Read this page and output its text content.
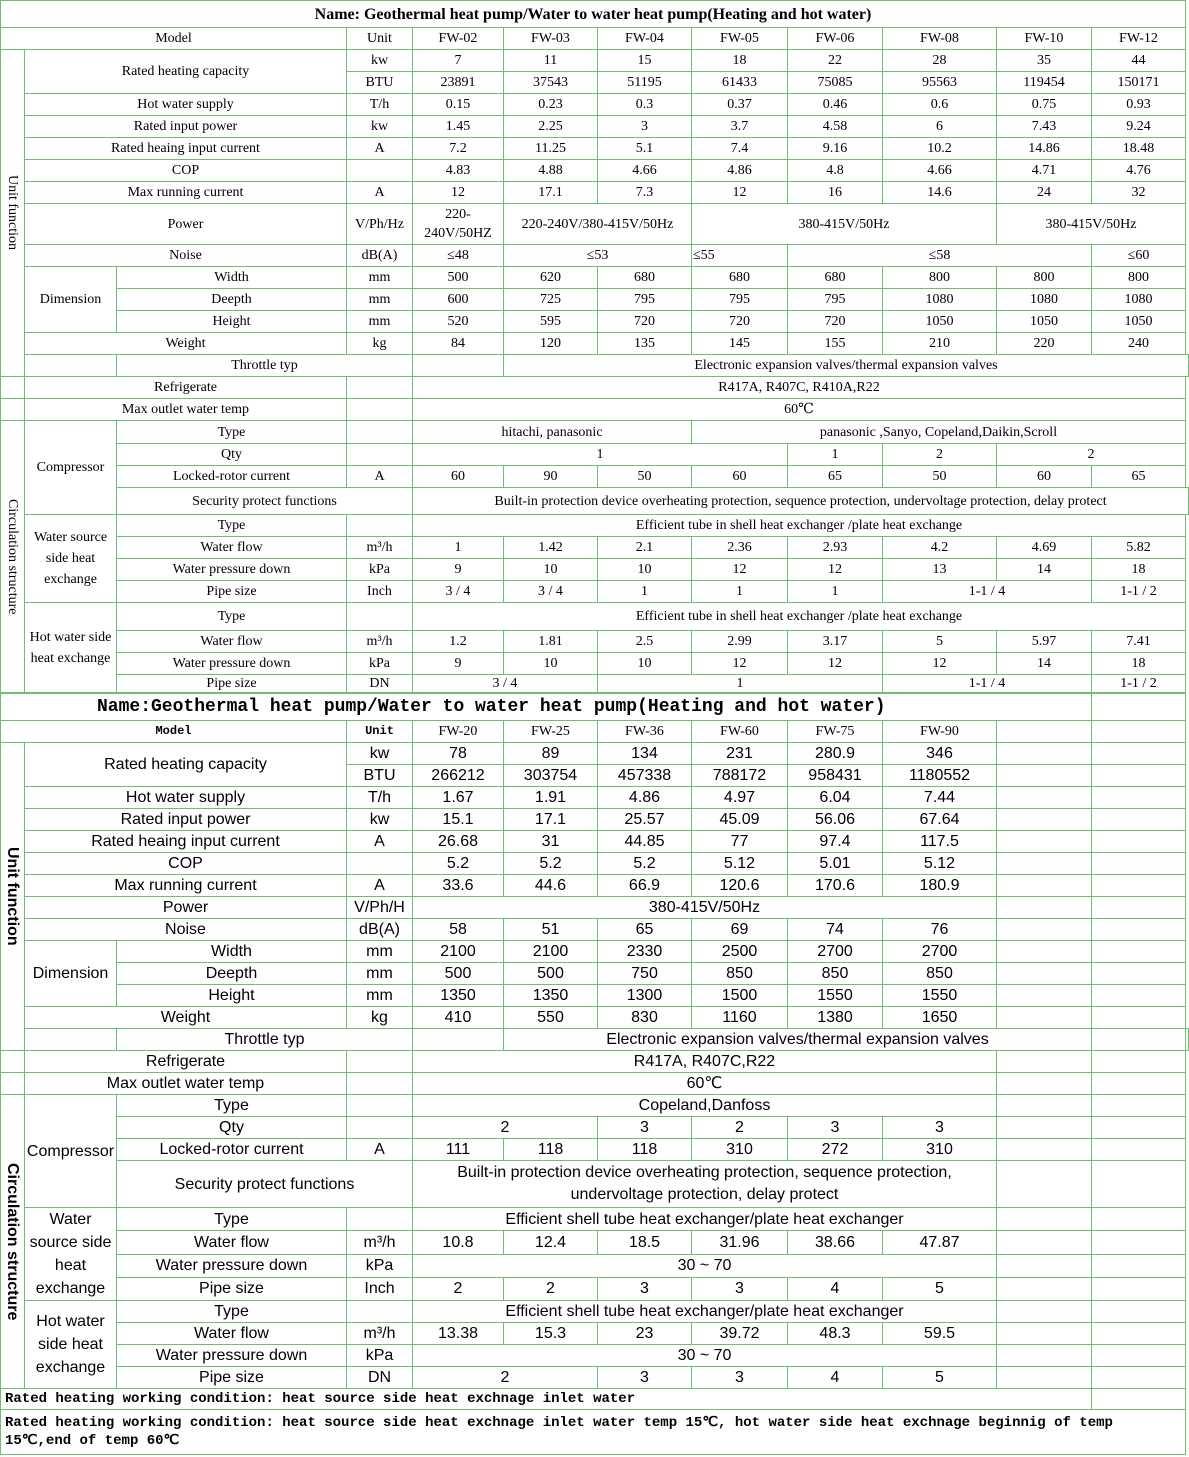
Name: Geothermal heat pump/Water to water heat pump(Heating and hot water)											
Model			Unit	FW-02	FW-03	FW-04	FW-05	FW-06	FW-08	FW-10	FW-12
Unit function	Rated heating capacity		kw	7	11	15	18	22	28	35	44
			BTU	23891	37543	51195	61433	75085	95563	119454	150171
	Hot water supply		T/h	0.15	0.23	0.3	0.37	0.46	0.6	0.75	0.93
	Rated input power		kw	1.45	2.25	3	3.7	4.58	6	7.43	9.24
	Rated heaing input current		A	7.2	11.25	5.1	7.4	9.16	10.2	14.86	18.48
	COP			4.83	4.88	4.66	4.86	4.8	4.66	4.71	4.76
	Max running current		A	12	17.1	7.3	12	16	14.6	24	32
	Power		V/Ph/Hz	220-240V/50HZ	220-240V/380-415V/50Hz		380-415V/50Hz			380-415V/50Hz	
	Noise		dB(A)	≤48	≤53		≤55	≤58			≤60
	Dimension	Width	mm	500	620	680	680	680	800	800	800
		Deepth	mm	600	725	795	795	795	1080	1080	1080
		Height	mm	520	595	720	720	720	1050	1050	1050
	Weight		kg	84	120	135	145	155	210	220	240
		Throttle typ			Electronic expansion valves/thermal expansion valves						
	Refrigerate			R417A, R407C, R410A,R22							
	Max outlet water temp			60℃							
Circulation structure	Compressor	Type		hitachi, panasonic			panasonic ,Sanyo, Copeland,Daikin,Scroll				
		Qty		1				1	2	2	
		Locked-rotor current	A	60	90	50	60	65	50	60	65
		Security protect functions		Built-in protection device overheating protection, sequence protection, undervoltage protection, delay protect							
	Water source side heat exchange	Type		Efficient tube in shell heat exchanger /plate heat exchange							
		Water flow	m³/h	1	1.42	2.1	2.36	2.93	4.2	4.69	5.82
		Water pressure down	kPa	9	10	10	12	12	13	14	18
		Pipe size	Inch	3 / 4	3 / 4	1	1	1	1-1 / 4		1-1 / 2
	Hot water side heat exchange	Type		Efficient tube in shell heat exchanger /plate heat exchange							
		Water flow	m³/h	1.2	1.81	2.5	2.99	3.17	5	5.97	7.41
		Water pressure down	kPa	9	10	10	12	12	12	14	18
		Pipe size	DN	3 / 4		1			1-1 / 4		1-1 / 2
Name:Geothermal heat pump/Water to water heat pump(Heating and hot water)												
Model			Unit	FW-20	FW-25	FW-36	FW-60	FW-75	FW-90			
Unit function	Rated heating capacity		kw	78	89	134	231	280.9	346			
			BTU	266212	303754	457338	788172	958431	1180552			
	Hot water supply		T/h	1.67	1.91	4.86	4.97	6.04	7.44			
	Rated input power		kw	15.1	17.1	25.57	45.09	56.06	67.64			
	Rated heaing input current		A	26.68	31	44.85	77	97.4	117.5			
	COP			5.2	5.2	5.2	5.12	5.01	5.12			
	Max running current		A	33.6	44.6	66.9	120.6	170.6	180.9			
	Power		V/Ph/H	380-415V/50Hz								
	Noise		dB(A)	58	51	65	69	74	76			
	Dimension	Width	mm	2100	2100	2330	2500	2700	2700			
		Deepth	mm	500	500	750	850	850	850			
		Height	mm	1350	1350	1300	1500	1550	1550			
	Weight		kg	410	550	830	1160	1380	1650			
		Throttle typ			Electronic expansion valves/thermal expansion valves							
	Refrigerate			R417A, R407C,R22								
	Max outlet water temp			60℃								
Circulation structure	Compressor	Type		Copeland,Danfoss								
		Qty		2		3	2	3	3			
		Locked-rotor current	A	111	118	118	310	272	310			
		Security protect functions		Built-in protection device overheating protection, sequence protection, undervoltage protection, delay protect								
	Water source side heat exchange	Type		Efficient shell tube heat exchanger/plate heat exchanger								
		Water flow	m³/h	10.8	12.4	18.5	31.96	38.66	47.87			
		Water pressure down	kPa	30 ~ 70								
		Pipe size	Inch	2	2	3	3	4	5			
	Hot water side heat exchange	Type		Efficient shell tube heat exchanger/plate heat exchanger								
		Water flow	m³/h	13.38	15.3	23	39.72	48.3	59.5			
		Water pressure down	kPa	30 ~ 70								
		Pipe size	DN	2		3	3	4	5			
Rated heating working condition: heat source side heat exchnage inlet water												
Rated heating working condition: heat source side heat exchnage inlet water temp 15℃, hot water side heat exchnage beginnig of temp 15℃,end of temp 60℃												
